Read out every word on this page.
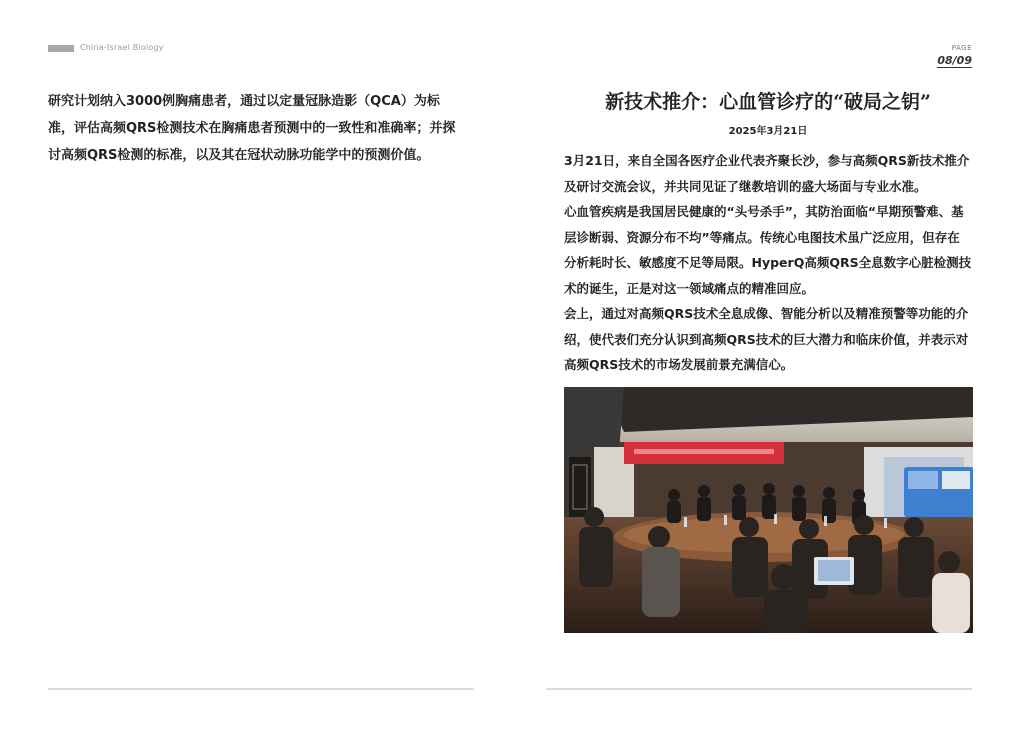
China-Israel Biology	PAGE
08/09

研究计划纳入3000例胸痛患者，通过以定量冠脉造影（QCA）为标准，评估高频QRS检测技术在胸痛患者预测中的一致性和准确率；并探讨高频QRS检测的标准，以及其在冠状动脉功能学中的预测价值。

新技术推介：心血管诊疗的“破局之钥”
2025年3月21日

3月21日，来自全国各医疗企业代表齐聚长沙，参与高频QRS新技术推介及研讨交流会议，并共同见证了继教培训的盛大场面与专业水准。

心血管疾病是我国居民健康的“头号杀手”，其防治面临“早期预警难、基层诊断弱、资源分布不均”等痛点。传统心电图技术虽广泛应用，但存在分析耗时长、敏感度不足等局限。HyperQ高频QRS全息数字心脏检测技术的诞生，正是对这一领域痛点的精准回应。

会上，通过对高频QRS技术全息成像、智能分析以及精准预警等功能的介绍，使代表们充分认识到高频QRS技术的巨大潜力和临床价值，并表示对高频QRS技术的市场发展前景充满信心。
